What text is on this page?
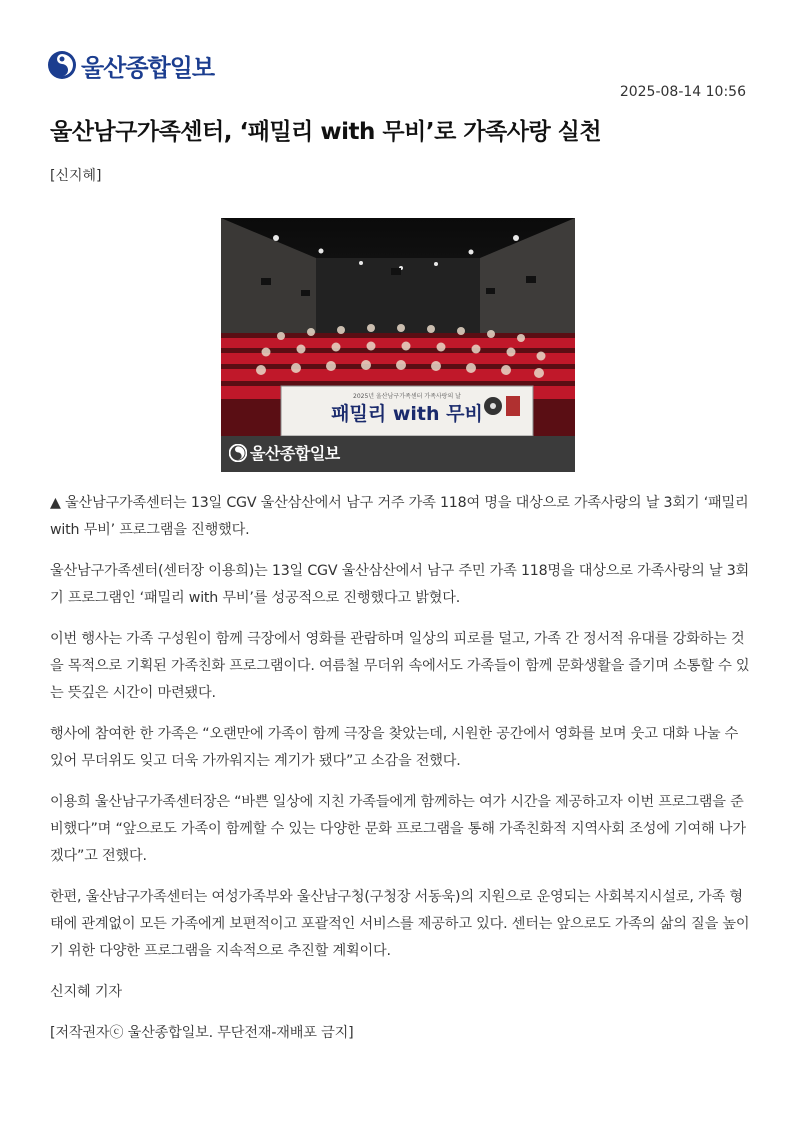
울산종합일보
2025-08-14 10:56
울산남구가족센터, ‘패밀리 with 무비’로 가족사랑 실천
[신지혜]
2025년 울산남구가족센터 가족사랑의 날
패밀리 with 무비
울산종합일보

▲ 울산남구가족센터는 13일 CGV 울산삼산에서 남구 거주 가족 118여 명을 대상으로 가족사랑의 날 3회기 ‘패밀리 with 무비’ 프로그램을 진행했다.

울산남구가족센터(센터장 이용희)는 13일 CGV 울산삼산에서 남구 주민 가족 118명을 대상으로 가족사랑의 날 3회기 프로그램인 ‘패밀리 with 무비’를 성공적으로 진행했다고 밝혔다.

이번 행사는 가족 구성원이 함께 극장에서 영화를 관람하며 일상의 피로를 덜고, 가족 간 정서적 유대를 강화하는 것을 목적으로 기획된 가족친화 프로그램이다. 여름철 무더위 속에서도 가족들이 함께 문화생활을 즐기며 소통할 수 있는 뜻깊은 시간이 마련됐다.

행사에 참여한 한 가족은 “오랜만에 가족이 함께 극장을 찾았는데, 시원한 공간에서 영화를 보며 웃고 대화 나눌 수 있어 무더위도 잊고 더욱 가까워지는 계기가 됐다”고 소감을 전했다.

이용희 울산남구가족센터장은 “바쁜 일상에 지친 가족들에게 함께하는 여가 시간을 제공하고자 이번 프로그램을 준비했다”며 “앞으로도 가족이 함께할 수 있는 다양한 문화 프로그램을 통해 가족친화적 지역사회 조성에 기여해 나가겠다”고 전했다.

한편, 울산남구가족센터는 여성가족부와 울산남구청(구청장 서동욱)의 지원으로 운영되는 사회복지시설로, 가족 형태에 관계없이 모든 가족에게 보편적이고 포괄적인 서비스를 제공하고 있다. 센터는 앞으로도 가족의 삶의 질을 높이기 위한 다양한 프로그램을 지속적으로 추진할 계획이다.

신지혜 기자

[저작권자ⓒ 울산종합일보. 무단전재-재배포 금지]
